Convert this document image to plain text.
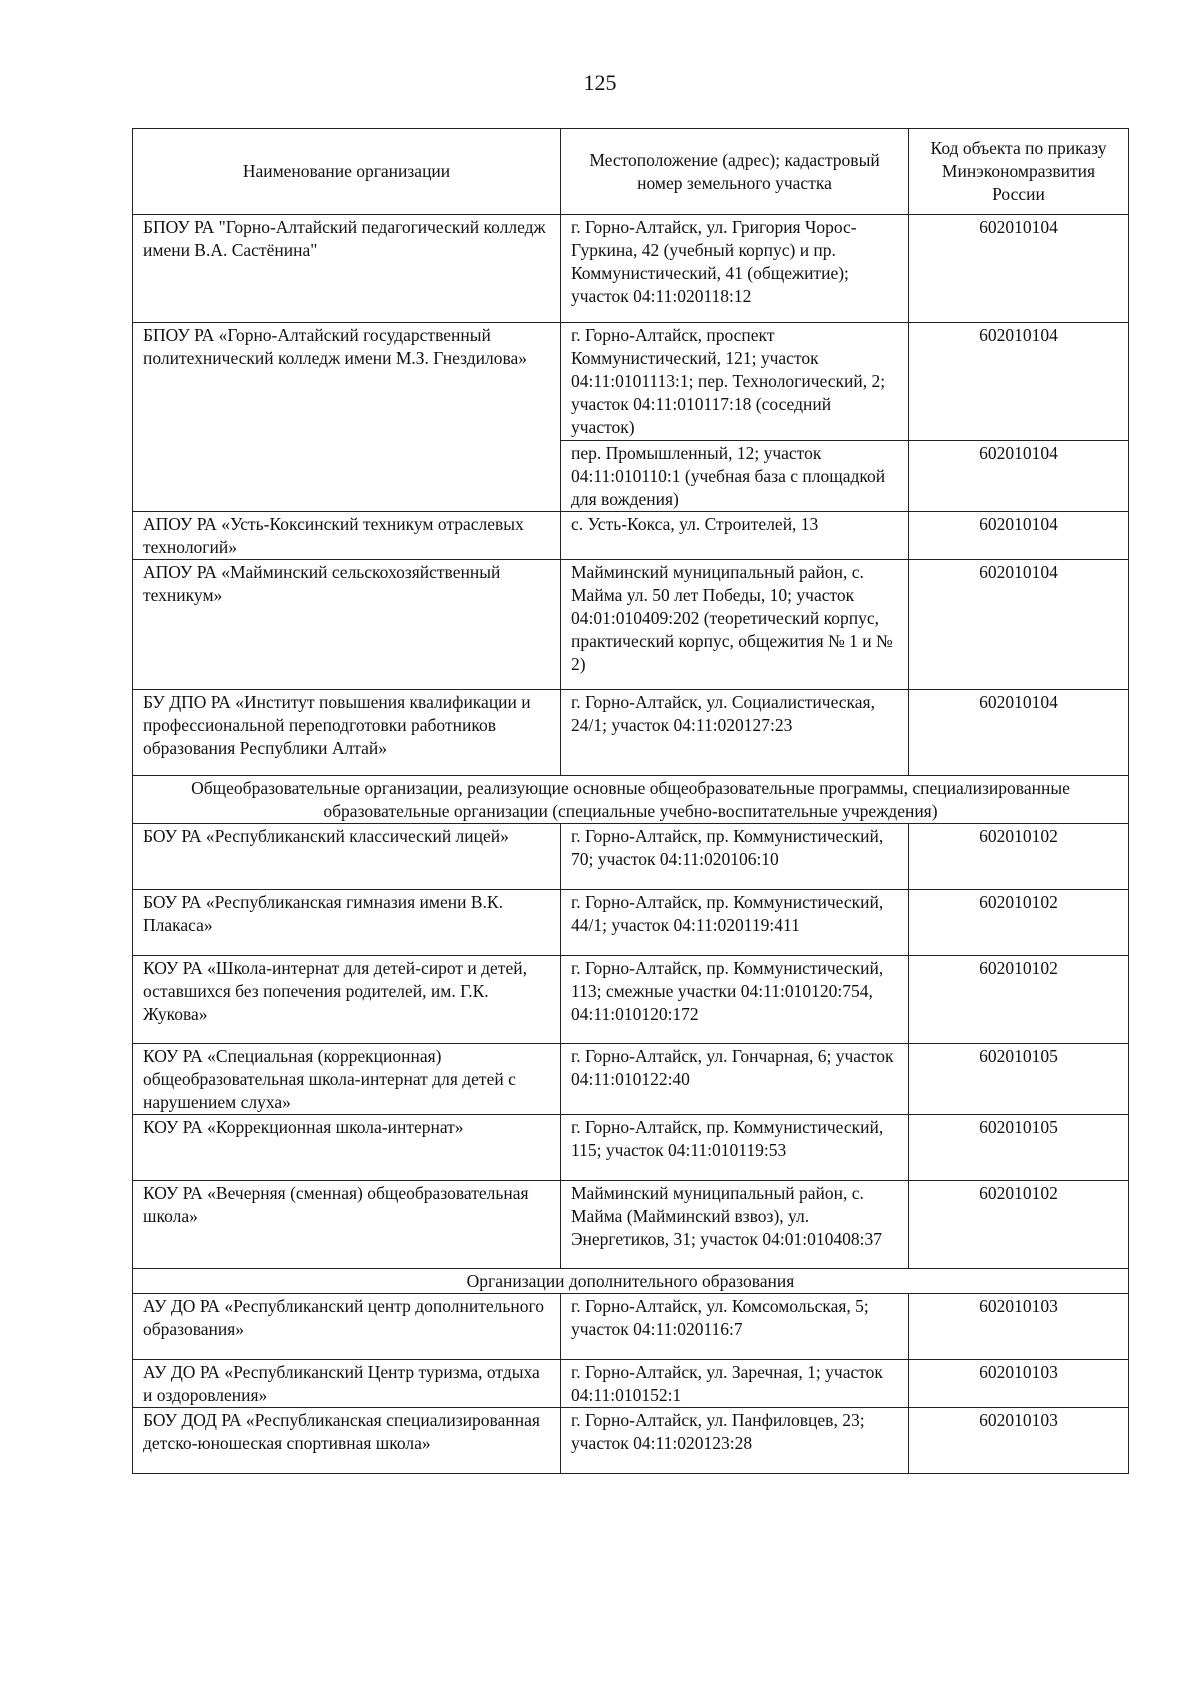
125
Наименование организации	Местоположение (адрес); кадастровый номер земельного участка	Код объекта по приказу Минэкономразвития России
БПОУ РА "Горно-Алтайский педагогический колледж имени В.А. Састёнина"	г. Горно-Алтайск, ул. Григория Чорос-Гуркина, 42 (учебный корпус) и пр. Коммунистический, 41 (общежитие); участок 04:11:020118:12	602010104
БПОУ РА «Горно-Алтайский государственный политехнический колледж имени М.З. Гнездилова»	г. Горно-Алтайск, проспект Коммунистический, 121; участок 04:11:0101113:1; пер. Технологический, 2; участок 04:11:010117:18 (соседний участок)	602010104
	пер. Промышленный, 12; участок 04:11:010110:1 (учебная база с площадкой для вождения)	602010104
АПОУ РА «Усть-Коксинский техникум отраслевых технологий»	с. Усть-Кокса, ул. Строителей, 13	602010104
АПОУ РА «Майминский сельскохозяйственный техникум»	Майминский муниципальный район, с. Майма ул. 50 лет Победы, 10; участок 04:01:010409:202 (теоретический корпус, практический корпус, общежития № 1 и № 2)	602010104
БУ ДПО РА «Институт повышения квалификации и профессиональной переподготовки работников образования Республики Алтай»	г. Горно-Алтайск, ул. Социалистическая, 24/1; участок 04:11:020127:23	602010104
Общеобразовательные организации, реализующие основные общеобразовательные программы, специализированные образовательные организации (специальные учебно-воспитательные учреждения)		
БОУ РА «Республиканский классический лицей»	г. Горно-Алтайск, пр. Коммунистический, 70; участок 04:11:020106:10	602010102
БОУ РА «Республиканская гимназия имени В.К. Плакаса»	г. Горно-Алтайск, пр. Коммунистический, 44/1; участок 04:11:020119:411	602010102
КОУ РА «Школа-интернат для детей-сирот и детей, оставшихся без попечения родителей, им. Г.К. Жукова»	г. Горно-Алтайск, пр. Коммунистический, 113; смежные участки 04:11:010120:754, 04:11:010120:172	602010102
КОУ РА «Специальная (коррекционная) общеобразовательная школа-интернат для детей с нарушением слуха»	г. Горно-Алтайск, ул. Гончарная, 6; участок 04:11:010122:40	602010105
КОУ РА «Коррекционная школа-интернат»	г. Горно-Алтайск, пр. Коммунистический, 115; участок 04:11:010119:53	602010105
КОУ РА «Вечерняя (сменная) общеобразовательная школа»	Майминский муниципальный район, с. Майма (Майминский взвоз), ул. Энергетиков, 31; участок 04:01:010408:37	602010102
Организации дополнительного образования		
АУ ДО РА «Республиканский центр дополнительного образования»	г. Горно-Алтайск, ул. Комсомольская, 5; участок 04:11:020116:7	602010103
АУ ДО РА «Республиканский Центр туризма, отдыха и оздоровления»	г. Горно-Алтайск, ул. Заречная, 1; участок 04:11:010152:1	602010103
БОУ ДОД РА «Республиканская специализированная детско-юношеская спортивная школа»	г. Горно-Алтайск, ул. Панфиловцев, 23; участок 04:11:020123:28	602010103
